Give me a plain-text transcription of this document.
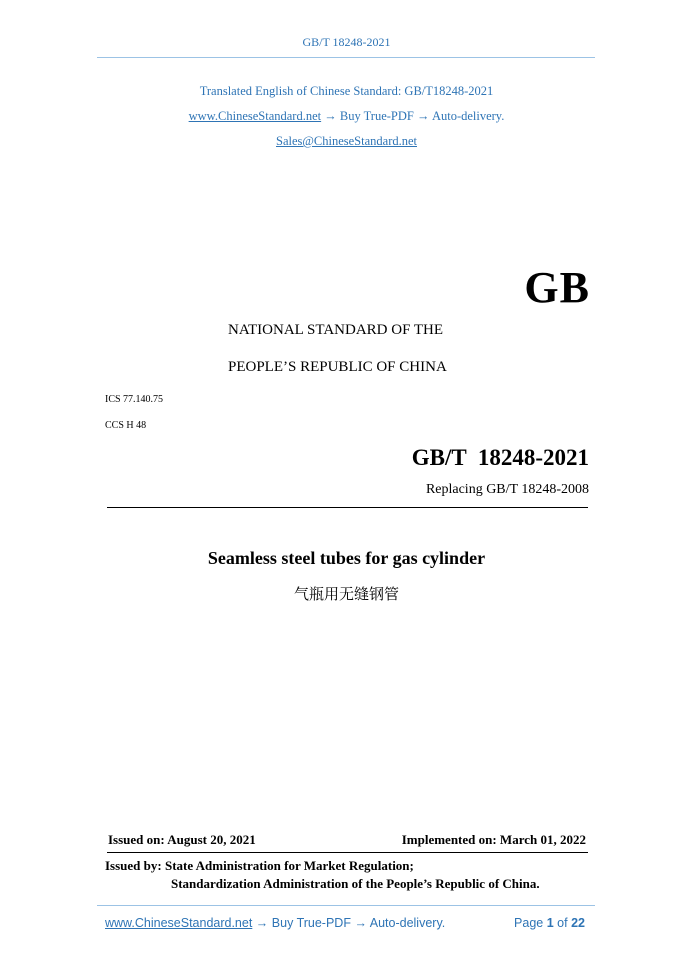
GB/T 18248-2021
Translated English of Chinese Standard: GB/T18248-2021
www.ChineseStandard.net → Buy True-PDF → Auto-delivery.
Sales@ChineseStandard.net
GB
NATIONAL STANDARD OF THE
PEOPLE’S REPUBLIC OF CHINA
ICS 77.140.75
CCS H 48
GB/T  18248-2021
Replacing GB/T 18248-2008
Seamless steel tubes for gas cylinder
气瓶用无缝钢管
Issued on: August 20, 2021	Implemented on: March 01, 2022
Issued by: State Administration for Market Regulation;
Standardization Administration of the People’s Republic of China.
www.ChineseStandard.net → Buy True-PDF → Auto-delivery.	Page 1 of 22
